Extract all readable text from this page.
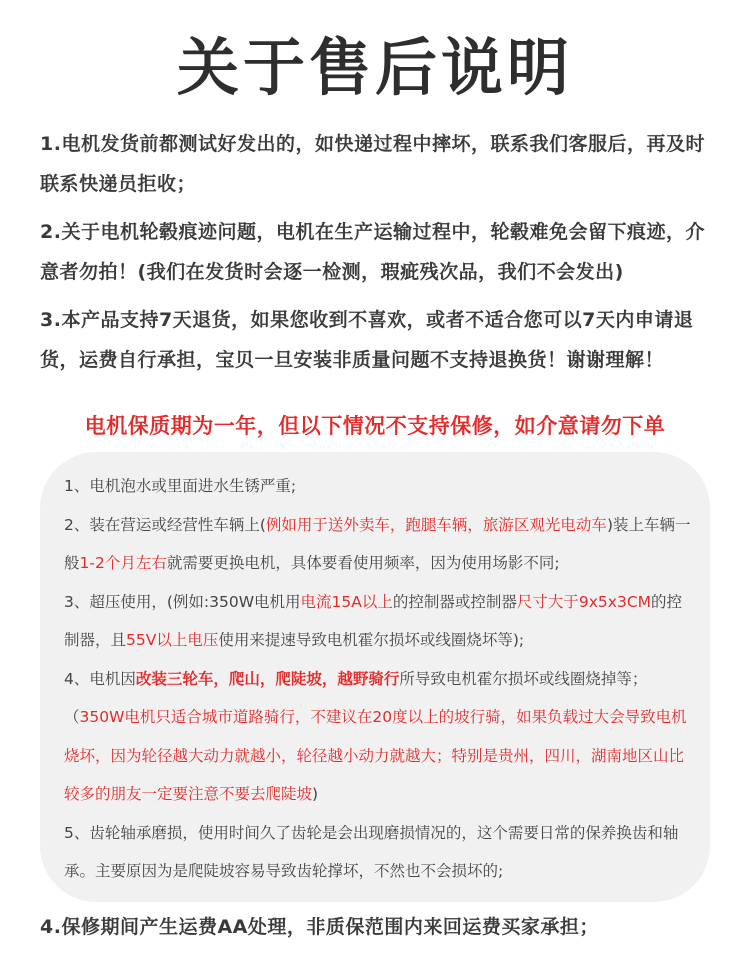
关于售后说明
1.电机发货前都测试好发出的，如快递过程中摔坏，联系我们客服后，再及时联系快递员拒收；
2.关于电机轮毂痕迹问题，电机在生产运输过程中，轮毂难免会留下痕迹，介意者勿拍！(我们在发货时会逐一检测，瑕疵残次品，我们不会发出)
3.本产品支持7天退货，如果您收到不喜欢，或者不适合您可以7天内申请退货，运费自行承担，宝贝一旦安装非质量问题不支持退换货！谢谢理解！
电机保质期为一年，但以下情况不支持保修，如介意请勿下单
1、电机泡水或里面进水生锈严重;
2、装在营运或经营性车辆上(例如用于送外卖车，跑腿车辆，旅游区观光电动车)装上车辆一般1-2个月左右就需要更换电机，具体要看使用频率，因为使用场影不同;
3、超压使用，(例如:350W电机用电流15A以上的控制器或控制器尺寸大于9x5x3CM的控制器，且55V以上电压使用来提速导致电机霍尔损坏或线圈烧坏等);
4、电机因改装三轮车，爬山，爬陡坡，越野骑行所导致电机霍尔损坏或线圈烧掉等；（350W电机只适合城市道路骑行，不建议在20度以上的坡行骑，如果负载过大会导致电机烧坏，因为轮径越大动力就越小，轮径越小动力就越大；特别是贵州，四川，湖南地区山比较多的朋友一定要注意不要去爬陡坡)
5、齿轮轴承磨损，使用时间久了齿轮是会出现磨损情况的，这个需要日常的保养换齿和轴承。主要原因为是爬陡坡容易导致齿轮撑坏，不然也不会损坏的;
4.保修期间产生运费AA处理，非质保范围内来回运费买家承担；
